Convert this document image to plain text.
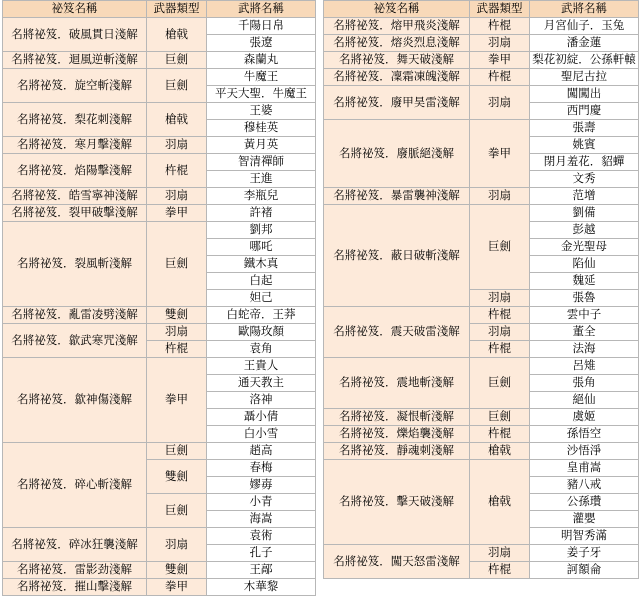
祕笈名稱	武器類型	武將名稱
名將祕笈．破風貫日淺解	槍戟	千陽日帛
		張遼
名將祕笈．迴風逆斬淺解	巨劍	森蘭丸
名將祕笈．旋空斬淺解	巨劍	牛魔王
		平天大聖．牛魔王
名將祕笈．梨花刺淺解	槍戟	王婆
		穆桂英
名將祕笈．寒月擊淺解	羽扇	黃月英
名將祕笈．焰陽擊淺解	杵棍	智清禪師
		王進
名將祕笈．皓雪寧神淺解	羽扇	李瓶兒
名將祕笈．裂甲破擊淺解	拳甲	許褚
名將祕笈．裂風斬淺解	巨劍	劉邦
		哪吒
		鐵木真
		白起
		妲己
名將祕笈．亂雷凌劈淺解	雙劍	白蛇帝．王莽
名將祕笈．歙武寒咒淺解	羽扇	歐陽玫顏
	杵棍	袁角
名將祕笈．歙神傷淺解	拳甲	王貴人
		通天教主
		洛神
		聶小倩
		白小雪
名將祕笈．碎心斬淺解	巨劍	趙高
	雙劍	春梅
		嫪毐
	巨劍	小青
		海嵩
名將祕笈．碎冰狂襲淺解	羽扇	袁術
		孔子
名將祕笈．雷影劲淺解	雙劍	王鄗
名將祕笈．摧山擊淺解	拳甲	木華黎
祕笈名稱	武器類型	武將名稱
名將祕笈．熔甲飛炎淺解	杵棍	月宮仙子．玉兔
名將祕笈．熔炎烈息淺解	羽扇	潘金蓮
名將祕笈．舞天破淺解	拳甲	梨花初綻．公孫軒轅
名將祕笈．凜霜凍魄淺解	杵棍	聖尼古拉
名將祕笈．廢甲昊雷淺解	羽扇	闖闖出
		西門慶
名將祕笈．廢脈絕淺解	拳甲	張壽
		姚賓
		閉月羞花．貂蟬
		文秀
名將祕笈．暴雷襲神淺解	羽扇	范增
名將祕笈．蔽日破斬淺解	巨劍	劉備
		彭越
		金光聖母
		陷仙
		魏延
	羽扇	張魯
名將祕笈．震天破雷淺解	杵棍	雲中子
	羽扇	董全
	杵棍	法海
名將祕笈．震地斬淺解	巨劍	呂雉
		張角
		絕仙
名將祕笈．凝恨斬淺解	巨劍	虞姬
名將祕笈．爍焰襲淺解	杵棍	孫悟空
名將祕笈．靜魂刺淺解	槍戟	沙悟淨
名將祕笈．擊天破淺解	槍戟	皇甫嵩
		豬八戒
		公孫瓚
		灌嬰
		明智秀滿
名將祕笈．闖天怒雷淺解	羽扇	姜子牙
	杵棍	訶額侖
